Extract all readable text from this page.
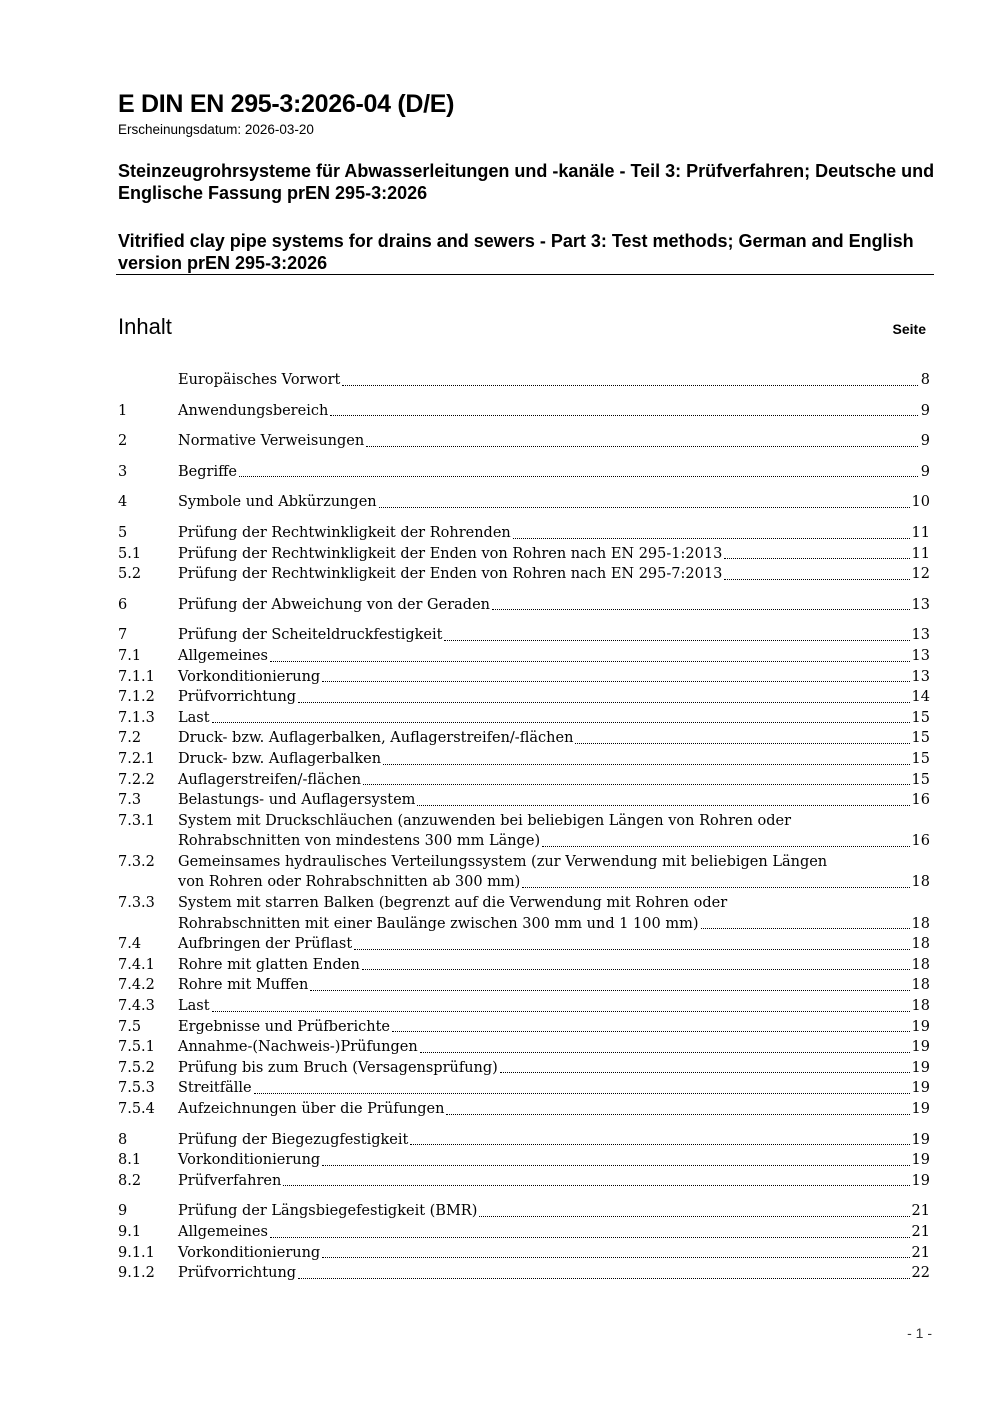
E DIN EN 295-3:2026-04 (D/E)
Erscheinungsdatum: 2026-03-20
Steinzeugrohrsysteme für Abwasserleitungen und -kanäle - Teil 3: Prüfverfahren; Deutsche und Englische Fassung prEN 295-3:2026
Vitrified clay pipe systems for drains and sewers - Part 3: Test methods; German and English version prEN 295-3:2026
Inhalt	Seite
Europäisches Vorwort	8
1	Anwendungsbereich	9
2	Normative Verweisungen	9
3	Begriffe	9
4	Symbole und Abkürzungen	10
5	Prüfung der Rechtwinkligkeit der Rohrenden	11
5.1	Prüfung der Rechtwinkligkeit der Enden von Rohren nach EN 295-1:2013	11
5.2	Prüfung der Rechtwinkligkeit der Enden von Rohren nach EN 295-7:2013	12
6	Prüfung der Abweichung von der Geraden	13
7	Prüfung der Scheiteldruckfestigkeit	13
7.1	Allgemeines	13
7.1.1	Vorkonditionierung	13
7.1.2	Prüfvorrichtung	14
7.1.3	Last	15
7.2	Druck- bzw. Auflagerbalken, Auflagerstreifen/-flächen	15
7.2.1	Druck- bzw. Auflagerbalken	15
7.2.2	Auflagerstreifen/-flächen	15
7.3	Belastungs- und Auflagersystem	16
7.3.1	System mit Druckschläuchen (anzuwenden bei beliebigen Längen von Rohren oder
Rohrabschnitten von mindestens 300 mm Länge)	16
7.3.2	Gemeinsames hydraulisches Verteilungssystem (zur Verwendung mit beliebigen Längen
von Rohren oder Rohrabschnitten ab 300 mm)	18
7.3.3	System mit starren Balken (begrenzt auf die Verwendung mit Rohren oder
Rohrabschnitten mit einer Baulänge zwischen 300 mm und 1 100 mm)	18
7.4	Aufbringen der Prüflast	18
7.4.1	Rohre mit glatten Enden	18
7.4.2	Rohre mit Muffen	18
7.4.3	Last	18
7.5	Ergebnisse und Prüfberichte	19
7.5.1	Annahme-(Nachweis-)Prüfungen	19
7.5.2	Prüfung bis zum Bruch (Versagensprüfung)	19
7.5.3	Streitfälle	19
7.5.4	Aufzeichnungen über die Prüfungen	19
8	Prüfung der Biegezugfestigkeit	19
8.1	Vorkonditionierung	19
8.2	Prüfverfahren	19
9	Prüfung der Längsbiegefestigkeit (BMR)	21
9.1	Allgemeines	21
9.1.1	Vorkonditionierung	21
9.1.2	Prüfvorrichtung	22
- 1 -
